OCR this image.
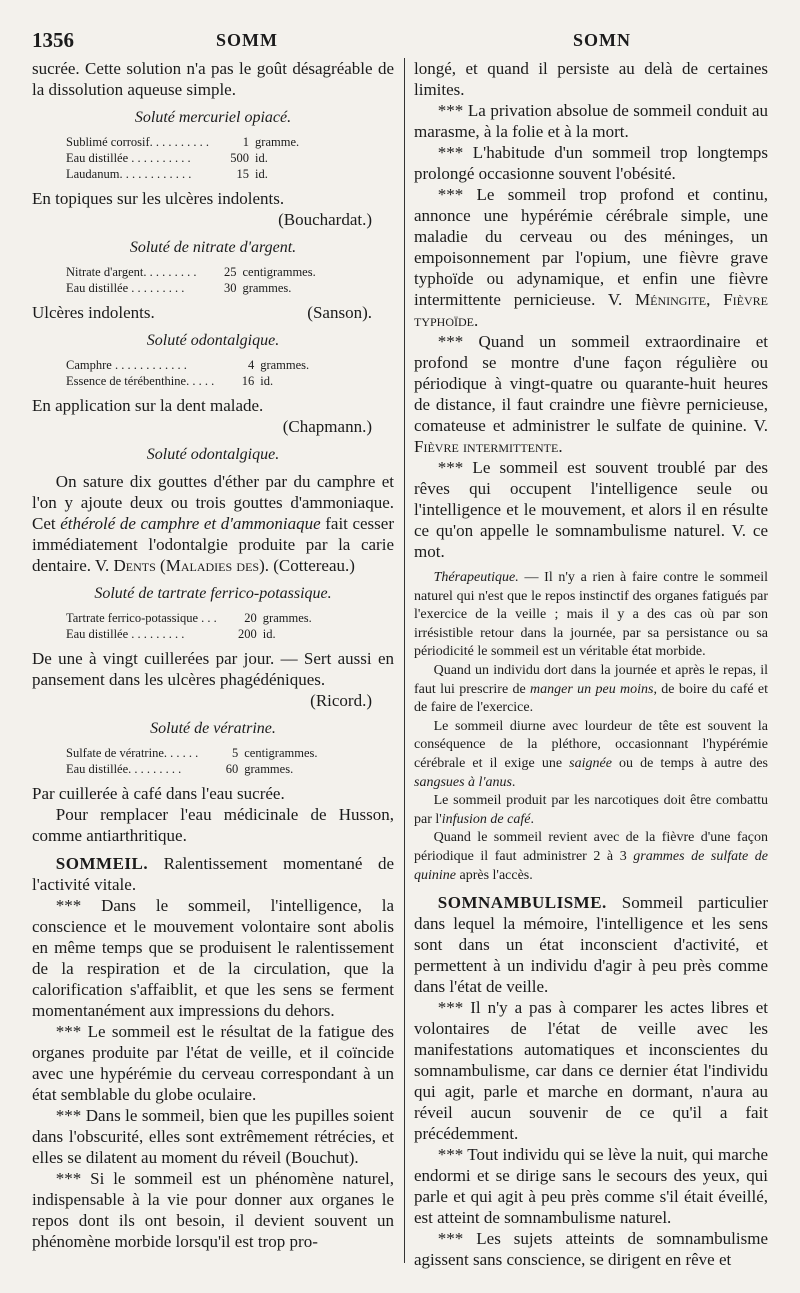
1356	SOMM	SOMN

sucrée. Cette solution n'a pas le goût désagréable de la dissolution aqueuse simple.

Soluté mercuriel opiacé.
Sublimé corrosif. . . . . . . . . .	1	gramme.
Eau distillée . . . . . . . . . .	500	id.
Laudanum. . . . . . . . . . . .	15	id.

En topiques sur les ulcères indolents.

(Bouchardat.)

Soluté de nitrate d'argent.
Nitrate d'argent. . . . . . . . .	25	centigrammes.
Eau distillée . . . . . . . . .	30	grammes.

Ulcères indolents.	(Sanson).

Soluté odontalgique.
Camphre . . . . . . . . . . . .	4	grammes.
Essence de térébenthine. . . . .	16	id.

En application sur la dent malade.

(Chapmann.)

Soluté odontalgique.

On sature dix gouttes d'éther par du camphre et l'on y ajoute deux ou trois gouttes d'ammoniaque. Cet éthérolé de camphre et d'ammoniaque fait cesser immédiatement l'odontalgie produite par la carie dentaire. V. Dents (Maladies des). (Cottereau.)

Soluté de tartrate ferrico-potassique.
Tartrate ferrico-potassique . . .	20	grammes.
Eau distillée . . . . . . . . .	200	id.

De une à vingt cuillerées par jour. — Sert aussi en pansement dans les ulcères phagédéniques.

(Ricord.)

Soluté de vératrine.
Sulfate de vératrine. . . . . .	5	centigrammes.
Eau distillée. . . . . . . . .	60	grammes.

Par cuillerée à café dans l'eau sucrée.

Pour remplacer l'eau médicinale de Husson, comme antiarthritique.

SOMMEIL. Ralentissement momentané de l'activité vitale.

*** Dans le sommeil, l'intelligence, la conscience et le mouvement volontaire sont abolis en même temps que se produisent le ralentissement de la respiration et de la circulation, que la calorification s'affaiblit, et que les sens se ferment momentanément aux impressions du dehors.

*** Le sommeil est le résultat de la fatigue des organes produite par l'état de veille, et il coïncide avec une hypérémie du cerveau correspondant à un état semblable du globe oculaire.

*** Dans le sommeil, bien que les pupilles soient dans l'obscurité, elles sont extrêmement rétrécies, et elles se dilatent au moment du réveil (Bouchut).

*** Si le sommeil est un phénomène naturel, indispensable à la vie pour donner aux organes le repos dont ils ont besoin, il devient souvent un phénomène morbide lorsqu'il est trop pro-

longé, et quand il persiste au delà de certaines limites.

*** La privation absolue de sommeil conduit au marasme, à la folie et à la mort.

*** L'habitude d'un sommeil trop longtemps prolongé occasionne souvent l'obésité.

*** Le sommeil trop profond et continu, annonce une hypérémie cérébrale simple, une maladie du cerveau ou des méninges, un empoisonnement par l'opium, une fièvre grave typhoïde ou adynamique, et enfin une fièvre intermittente pernicieuse. V. Méningite, Fièvre typhoïde.

*** Quand un sommeil extraordinaire et profond se montre d'une façon régulière ou périodique à vingt-quatre ou quarante-huit heures de distance, il faut craindre une fièvre pernicieuse, comateuse et administrer le sulfate de quinine. V. Fièvre intermittente.

*** Le sommeil est souvent troublé par des rêves qui occupent l'intelligence seule ou l'intelligence et le mouvement, et alors il en résulte ce qu'on appelle le somnambulisme naturel. V. ce mot.

Thérapeutique. — Il n'y a rien à faire contre le sommeil naturel qui n'est que le repos instinctif des organes fatigués par l'exercice de la veille ; mais il y a des cas où par son irrésistible retour dans la journée, par sa persistance ou sa périodicité le sommeil est un véritable état morbide.

Quand un individu dort dans la journée et après le repas, il faut lui prescrire de manger un peu moins, de boire du café et de faire de l'exercice.

Le sommeil diurne avec lourdeur de tête est souvent la conséquence de la pléthore, occasionnant l'hypérémie cérébrale et il exige une saignée ou de temps à autre des sangsues à l'anus.

Le sommeil produit par les narcotiques doit être combattu par l'infusion de café.

Quand le sommeil revient avec de la fièvre d'une façon périodique il faut administrer 2 à 3 grammes de sulfate de quinine après l'accès.

SOMNAMBULISME. Sommeil particulier dans lequel la mémoire, l'intelligence et les sens sont dans un état inconscient d'activité, et permettent à un individu d'agir à peu près comme dans l'état de veille.

*** Il n'y a pas à comparer les actes libres et volontaires de l'état de veille avec les manifestations automatiques et inconscientes du somnambulisme, car dans ce dernier état l'individu qui agit, parle et marche en dormant, n'aura au réveil aucun souvenir de ce qu'il a fait précédemment.

*** Tout individu qui se lève la nuit, qui marche endormi et se dirige sans le secours des yeux, qui parle et qui agit à peu près comme s'il était éveillé, est atteint de somnambulisme naturel.

*** Les sujets atteints de somnambulisme agissent sans conscience, se dirigent en rêve et
